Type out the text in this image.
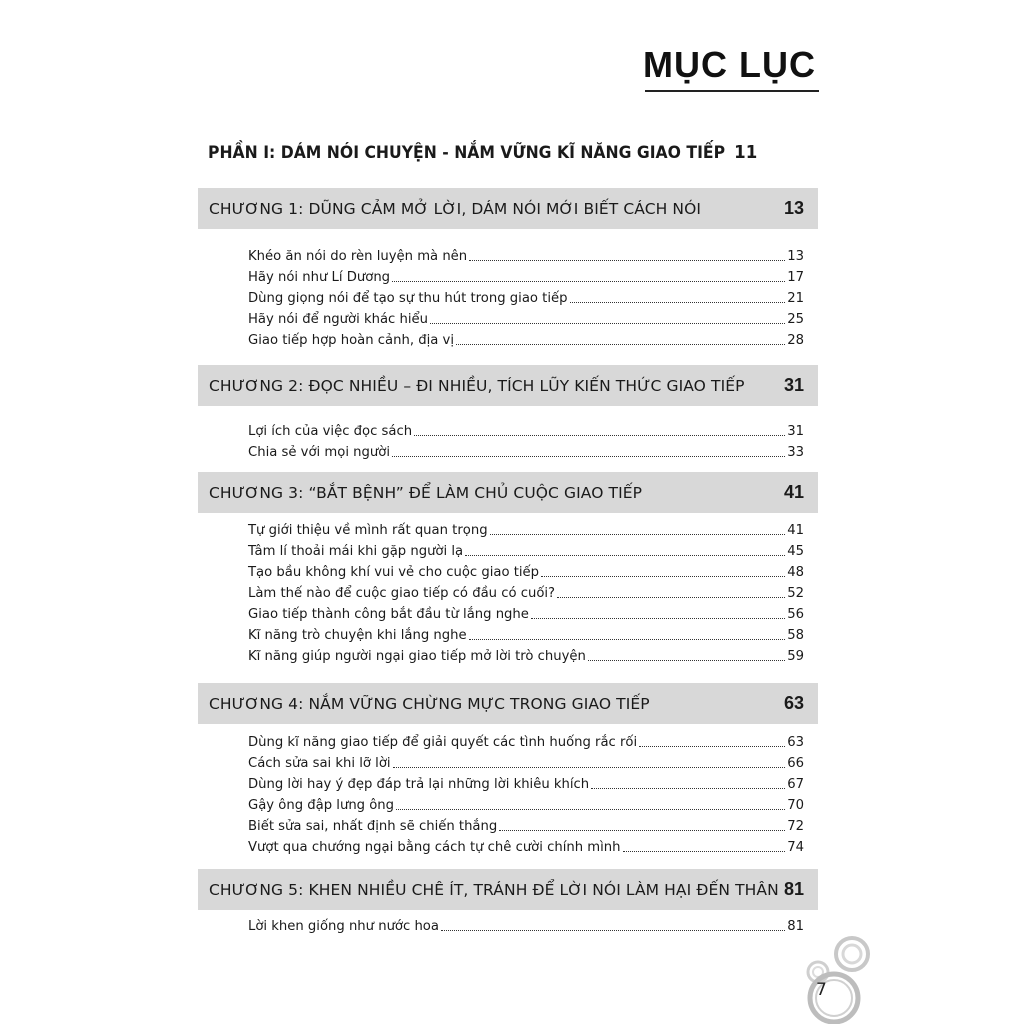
MỤC LỤC
PHẦN I: DÁM NÓI CHUYỆN - NẮM VỮNG KĨ NĂNG GIAO TIẾP 11
CHƯƠNG 1: DŨNG CẢM MỞ LỜI, DÁM NÓI MỚI BIẾT CÁCH NÓI	13
Khéo ăn nói do rèn luyện mà nên	13
Hãy nói như Lí Dương	17
Dùng giọng nói để tạo sự thu hút trong giao tiếp	21
Hãy nói để người khác hiểu	25
Giao tiếp hợp hoàn cảnh, địa vị	28
CHƯƠNG 2: ĐỌC NHIỀU – ĐI NHIỀU, TÍCH LŨY KIẾN THỨC GIAO TIẾP 31
Lợi ích của việc đọc sách	31
Chia sẻ với mọi người	33
CHƯƠNG 3: “BẮT BỆNH” ĐỂ LÀM CHỦ CUỘC GIAO TIẾP	41
Tự giới thiệu về mình rất quan trọng	41
Tâm lí thoải mái khi gặp người lạ	45
Tạo bầu không khí vui vẻ cho cuộc giao tiếp	48
Làm thế nào để cuộc giao tiếp có đầu có cuối?	52
Giao tiếp thành công bắt đầu từ lắng nghe	56
Kĩ năng trò chuyện khi lắng nghe	58
Kĩ năng giúp người ngại giao tiếp mở lời trò chuyện	59
CHƯƠNG 4: NẮM VỮNG CHỪNG MỰC TRONG GIAO TIẾP	63
Dùng kĩ năng giao tiếp để giải quyết các tình huống rắc rối	63
Cách sửa sai khi lỡ lời	66
Dùng lời hay ý đẹp đáp trả lại những lời khiêu khích	67
Gậy ông đập lưng ông	70
Biết sửa sai, nhất định sẽ chiến thắng	72
Vượt qua chướng ngại bằng cách tự chê cười chính mình	74
CHƯƠNG 5: KHEN NHIỀU CHÊ ÍT, TRÁNH ĐỂ LỜI NÓI LÀM HẠI ĐẾN THÂN 81
Lời khen giống như nước hoa	81
7
